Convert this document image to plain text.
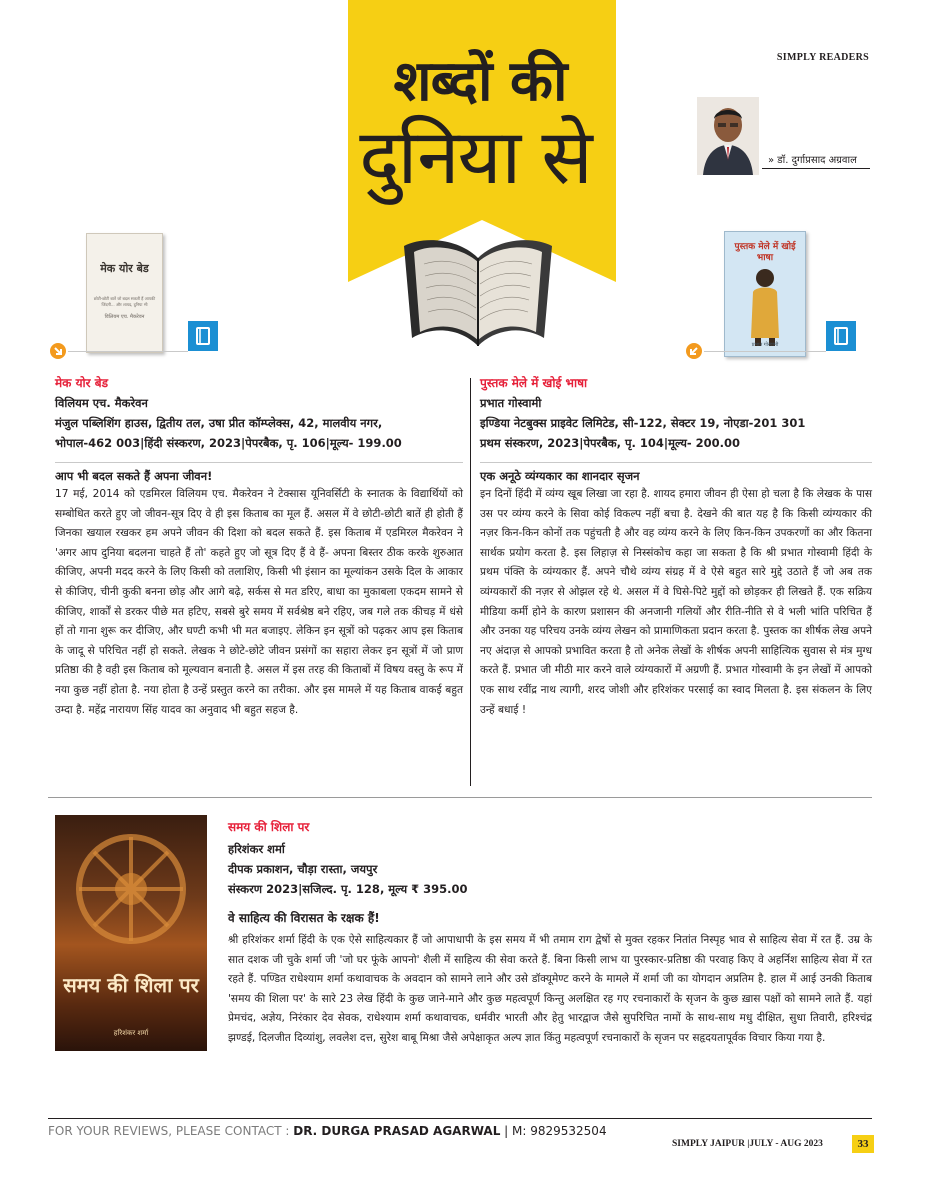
शब्दों की
दुनिया से
SIMPLY READERS
» डॉ. दुर्गाप्रसाद अग्रवाल
मेक योर बेड
छोटी-छोटी बातें जो बदल सकती हैं आपकी जिंदगी... और शायद, दुनिया भी
विलियम एच. मैकरेवन
पुस्तक मेले में खोई भाषा
प्रभात गोस्वामी
मेक योर बेड
विलियम एच. मैकरेवन
मंजुल पब्लिशिंग हाउस, द्वितीय तल, उषा प्रीत कॉम्प्लेक्स, 42, मालवीय नगर,
भोपाल-462 003|हिंदी संस्करण, 2023|पेपरबैक, पृ. 106|मूल्य- 199.00
आप भी बदल सकते हैं अपना जीवन!
17 मई, 2014 को एडमिरल विलियम एच. मैकरेवन ने टेक्सास यूनिवर्सिटी के स्नातक के विद्यार्थियों को सम्बोधित करते हुए जो जीवन-सूत्र दिए वे ही इस किताब का मूल हैं. असल में वे छोटी-छोटी बातें ही होती हैं जिनका खयाल रखकर हम अपने जीवन की दिशा को बदल सकते हैं. इस किताब में एडमिरल मैकरेवन ने 'अगर आप दुनिया बदलना चाहते हैं तो' कहते हुए जो सूत्र दिए हैं वे हैं- अपना बिस्तर ठीक करके शुरुआत कीजिए, अपनी मदद करने के लिए किसी को तलाशिए, किसी भी इंसान का मूल्यांकन उसके दिल के आकार से कीजिए, चीनी कुकी बनना छोड़ और आगे बढ़े, सर्कस से मत डरिए, बाधा का मुकाबला एकदम सामने से कीजिए, शार्कों से डरकर पीछे मत हटिए, सबसे बुरे समय में सर्वश्रेष्ठ बने रहिए, जब गले तक कीचड़ में धंसे हों तो गाना शुरू कर दीजिए, और घण्टी कभी भी मत बजाइए. लेकिन इन सूत्रों को पढ़कर आप इस किताब के जादू से परिचित नहीं हो सकते. लेखक ने छोटे-छोटे जीवन प्रसंगों का सहारा लेकर इन सूत्रों में जो प्राण प्रतिष्ठा की है वही इस किताब को मूल्यवान बनाती है. असल में इस तरह की किताबों में विषय वस्तु के रूप में नया कुछ नहीं होता है. नया होता है उन्हें प्रस्तुत करने का तरीका. और इस मामले में यह किताब वाकई बहुत उम्दा है. महेंद्र नारायण सिंह यादव का अनुवाद भी बहुत सहज है.
पुस्तक मेले में खोई भाषा
प्रभात गोस्वामी
इण्डिया नेटबुक्स प्राइवेट लिमिटेड, सी-122, सेक्टर 19, नोएडा-201 301
प्रथम संस्करण, 2023|पेपरबैक, पृ. 104|मूल्य- 200.00
एक अनूठे व्यंग्यकार का शानदार सृजन
इन दिनों हिंदी में व्यंग्य खूब लिखा जा रहा है. शायद हमारा जीवन ही ऐसा हो चला है कि लेखक के पास उस पर व्यंग्य करने के सिवा कोई विकल्प नहीं बचा है. देखने की बात यह है कि किसी व्यंग्यकार की नज़र किन-किन कोनों तक पहुंचती है और वह व्यंग्य करने के लिए किन-किन उपकरणों का और कितना सार्थक प्रयोग करता है. इस लिहाज़ से निस्संकोच कहा जा सकता है कि श्री प्रभात गोस्वामी हिंदी के प्रथम पंक्ति के व्यंग्यकार हैं. अपने चौथे व्यंग्य संग्रह में वे ऐसे बहुत सारे मुद्दे उठाते हैं जो अब तक व्यंग्यकारों की नज़र से ओझल रहे थे. असल में वे घिसे-पिटे मुद्दों को छोड़कर ही लिखते हैं. एक सक्रिय मीडिया कर्मी होने के कारण प्रशासन की अनजानी गलियों और रीति-नीति से वे भली भांति परिचित हैं और उनका यह परिचय उनके व्यंग्य लेखन को प्रामाणिकता प्रदान करता है. पुस्तक का शीर्षक लेख अपने नए अंदाज़ से आपको प्रभावित करता है तो अनेक लेखों के शीर्षक अपनी साहित्यिक सुवास से मंत्र मुग्ध करते हैं. प्रभात जी मीठी मार करने वाले व्यंग्यकारों में अग्रणी हैं. प्रभात गोस्वामी के इन लेखों में आपको एक साथ रवींद्र नाथ त्यागी, शरद जोशी और हरिशंकर परसाई का स्वाद मिलता है. इस संकलन के लिए उन्हें बधाई !
समय की शिला पर
हरिशंकर शर्मा
समय की शिला पर
हरिशंकर शर्मा
दीपक प्रकाशन, चौड़ा रास्ता, जयपुर
संस्करण 2023|सजिल्द. पृ. 128, मूल्य ₹ 395.00
वे साहित्य की विरासत के रक्षक हैं!
श्री हरिशंकर शर्मा हिंदी के एक ऐसे साहित्यकार हैं जो आपाधापी के इस समय में भी तमाम राग द्वेषों से मुक्त रहकर नितांत निस्पृह भाव से साहित्य सेवा में रत हैं. उम्र के सात दशक जी चुके शर्मा जी 'जो घर फूंके आपनो' शैली में साहित्य की सेवा करते हैं. बिना किसी लाभ या पुरस्कार-प्रतिष्ठा की परवाह किए वे अहर्निश साहित्य सेवा में रत रहते हैं. पण्डित राधेश्याम शर्मा कथावाचक के अवदान को सामने लाने और उसे डॉक्यूमेण्ट करने के मामले में शर्मा जी का योगदान अप्रतिम है. हाल में आई उनकी किताब 'समय की शिला पर' के सारे 23 लेख हिंदी के कुछ जाने-माने और कुछ महत्वपूर्ण किन्तु अलक्षित रह गए रचनाकारों के सृजन के कुछ ख़ास पक्षों को सामने लाते हैं. यहां प्रेमचंद, अज्ञेय, निरंकार देव सेवक, राधेश्याम शर्मा कथावाचक, धर्मवीर भारती और हेतु भारद्वाज जैसे सुपरिचित नामों के साथ-साथ मधु दीक्षित, सुधा तिवारी, हरिश्चंद्र झण्डई, दिलजीत दिव्यांशु, लवलेश दत्त, सुरेश बाबू मिश्रा जैसे अपेक्षाकृत अल्प ज्ञात किंतु महत्वपूर्ण रचनाकारों के सृजन पर सहृदयतापूर्वक विचार किया गया है.
FOR YOUR REVIEWS, PLEASE CONTACT : DR. DURGA PRASAD AGARWAL | M: 9829532504
SIMPLY JAIPUR |JULY - AUG 2023	33
